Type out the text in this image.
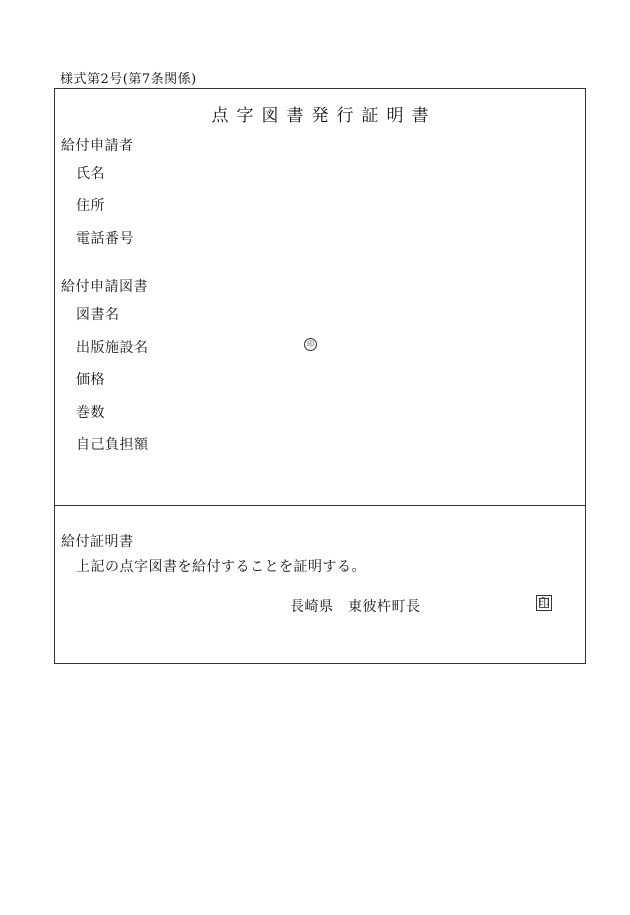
様式第2号(第7条関係)
点字図書発行証明書
給付申請者
氏名
住所
電話番号
給付申請図書
図書名
出版施設名	印
価格
巻数
自己負担額
給付証明書
上記の点字図書を給付することを証明する。
長崎県　東彼杵町長	印
